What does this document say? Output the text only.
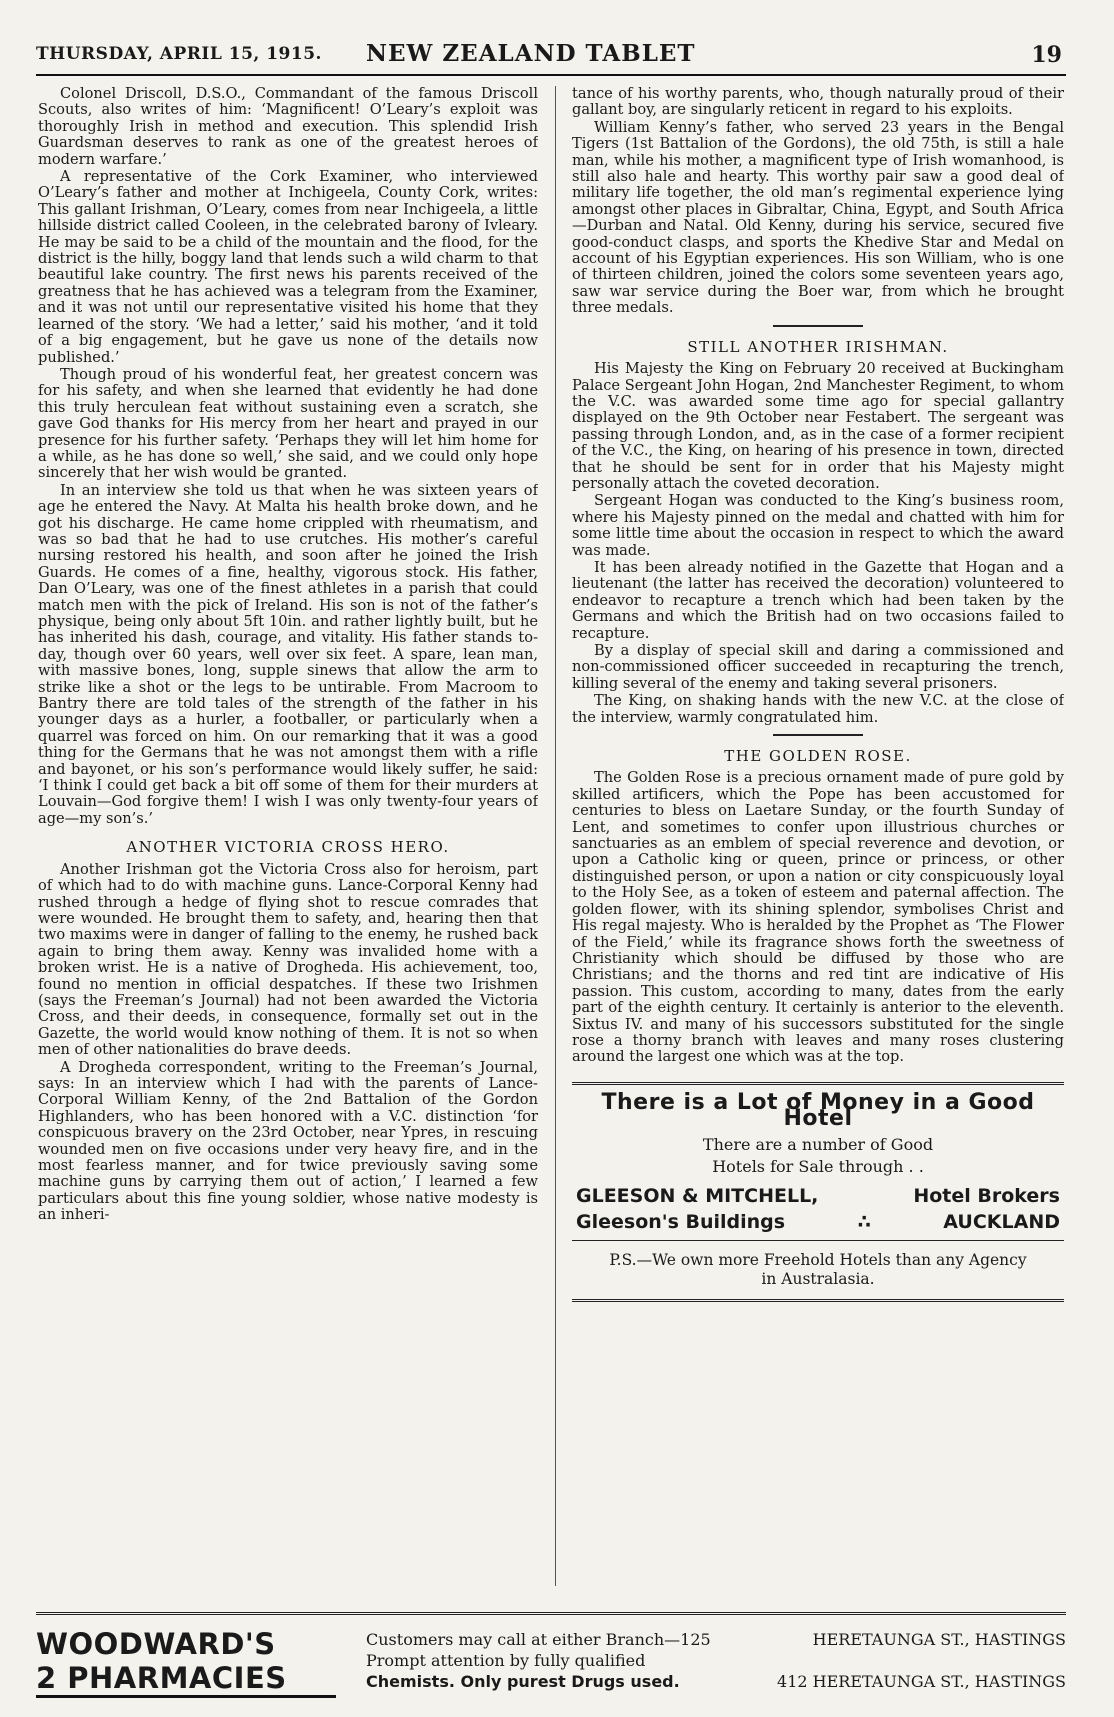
THURSDAY, APRIL 15, 1915. NEW ZEALAND TABLET	19

Colonel Driscoll, D.S.O., Commandant of the famous Driscoll Scouts, also writes of him: ‘Magnificent! O’Leary’s exploit was thoroughly Irish in method and execution. This splendid Irish Guardsman deserves to rank as one of the greatest heroes of modern warfare.’

A representative of the Cork Examiner, who interviewed O’Leary’s father and mother at Inchigeela, County Cork, writes: This gallant Irishman, O’Leary, comes from near Inchigeela, a little hillside district called Cooleen, in the celebrated barony of Ivleary. He may be said to be a child of the mountain and the flood, for the district is the hilly, boggy land that lends such a wild charm to that beautiful lake country. The first news his parents received of the greatness that he has achieved was a telegram from the Examiner, and it was not until our representative visited his home that they learned of the story. ‘We had a letter,’ said his mother, ‘and it told of a big engagement, but he gave us none of the details now published.’

Though proud of his wonderful feat, her greatest concern was for his safety, and when she learned that evidently he had done this truly herculean feat without sustaining even a scratch, she gave God thanks for His mercy from her heart and prayed in our presence for his further safety. ‘Perhaps they will let him home for a while, as he has done so well,’ she said, and we could only hope sincerely that her wish would be granted.

In an interview she told us that when he was sixteen years of age he entered the Navy. At Malta his health broke down, and he got his discharge. He came home crippled with rheumatism, and was so bad that he had to use crutches. His mother’s careful nursing restored his health, and soon after he joined the Irish Guards. He comes of a fine, healthy, vigorous stock. His father, Dan O’Leary, was one of the finest athletes in a parish that could match men with the pick of Ireland. His son is not of the father’s physique, being only about 5ft 10in. and rather lightly built, but he has inherited his dash, courage, and vitality. His father stands to-day, though over 60 years, well over six feet. A spare, lean man, with massive bones, long, supple sinews that allow the arm to strike like a shot or the legs to be untirable. From Macroom to Bantry there are told tales of the strength of the father in his younger days as a hurler, a footballer, or particularly when a quarrel was forced on him. On our remarking that it was a good thing for the Germans that he was not amongst them with a rifle and bayonet, or his son’s performance would likely suffer, he said: ‘I think I could get back a bit off some of them for their murders at Louvain—God forgive them! I wish I was only twenty-four years of age—my son’s.’

ANOTHER VICTORIA CROSS HERO.

Another Irishman got the Victoria Cross also for heroism, part of which had to do with machine guns. Lance-Corporal Kenny had rushed through a hedge of flying shot to rescue comrades that were wounded. He brought them to safety, and, hearing then that two maxims were in danger of falling to the enemy, he rushed back again to bring them away. Kenny was invalided home with a broken wrist. He is a native of Drogheda. His achievement, too, found no mention in official despatches. If these two Irishmen (says the Freeman’s Journal) had not been awarded the Victoria Cross, and their deeds, in consequence, formally set out in the Gazette, the world would know nothing of them. It is not so when men of other nationalities do brave deeds.

A Drogheda correspondent, writing to the Freeman’s Journal, says: In an interview which I had with the parents of Lance-Corporal William Kenny, of the 2nd Battalion of the Gordon Highlanders, who has been honored with a V.C. distinction ‘for conspicuous bravery on the 23rd October, near Ypres, in rescuing wounded men on five occasions under very heavy fire, and in the most fearless manner, and for twice previously saving some machine guns by carrying them out of action,’ I learned a few particulars about this fine young soldier, whose native modesty is an inheri-

tance of his worthy parents, who, though naturally proud of their gallant boy, are singularly reticent in regard to his exploits.

William Kenny’s father, who served 23 years in the Bengal Tigers (1st Battalion of the Gordons), the old 75th, is still a hale man, while his mother, a magnificent type of Irish womanhood, is still also hale and hearty. This worthy pair saw a good deal of military life together, the old man’s regimental experience lying amongst other places in Gibraltar, China, Egypt, and South Africa—Durban and Natal. Old Kenny, during his service, secured five good-conduct clasps, and sports the Khedive Star and Medal on account of his Egyptian experiences. His son William, who is one of thirteen children, joined the colors some seventeen years ago, saw war service during the Boer war, from which he brought three medals.

STILL ANOTHER IRISHMAN.

His Majesty the King on February 20 received at Buckingham Palace Sergeant John Hogan, 2nd Manchester Regiment, to whom the V.C. was awarded some time ago for special gallantry displayed on the 9th October near Festabert. The sergeant was passing through London, and, as in the case of a former recipient of the V.C., the King, on hearing of his presence in town, directed that he should be sent for in order that his Majesty might personally attach the coveted decoration.

Sergeant Hogan was conducted to the King’s business room, where his Majesty pinned on the medal and chatted with him for some little time about the occasion in respect to which the award was made.

It has been already notified in the Gazette that Hogan and a lieutenant (the latter has received the decoration) volunteered to endeavor to recapture a trench which had been taken by the Germans and which the British had on two occasions failed to recapture.

By a display of special skill and daring a commissioned and non-commissioned officer succeeded in recapturing the trench, killing several of the enemy and taking several prisoners.

The King, on shaking hands with the new V.C. at the close of the interview, warmly congratulated him.

THE GOLDEN ROSE.

The Golden Rose is a precious ornament made of pure gold by skilled artificers, which the Pope has been accustomed for centuries to bless on Laetare Sunday, or the fourth Sunday of Lent, and sometimes to confer upon illustrious churches or sanctuaries as an emblem of special reverence and devotion, or upon a Catholic king or queen, prince or princess, or other distinguished person, or upon a nation or city conspicuously loyal to the Holy See, as a token of esteem and paternal affection. The golden flower, with its shining splendor, symbolises Christ and His regal majesty. Who is heralded by the Prophet as ‘The Flower of the Field,’ while its fragrance shows forth the sweetness of Christianity which should be diffused by those who are Christians; and the thorns and red tint are indicative of His passion. This custom, according to many, dates from the early part of the eighth century. It certainly is anterior to the eleventh. Sixtus IV. and many of his successors substituted for the single rose a thorny branch with leaves and many roses clustering around the largest one which was at the top.

There is a Lot of Money in a Good Hotel
There are a number of Good
Hotels for Sale through . .
GLEESON & MITCHELL,	Hotel Brokers
Gleeson's Buildings	∴	AUCKLAND
P.S.—We own more Freehold Hotels than any Agency
in Australasia.
WOODWARD'S
2 PHARMACIES
Customers may call at either Branch—125	HERETAUNGA ST., HASTINGS
Prompt attention by fully qualified
Chemists. Only purest Drugs used.	412 HERETAUNGA ST., HASTINGS
